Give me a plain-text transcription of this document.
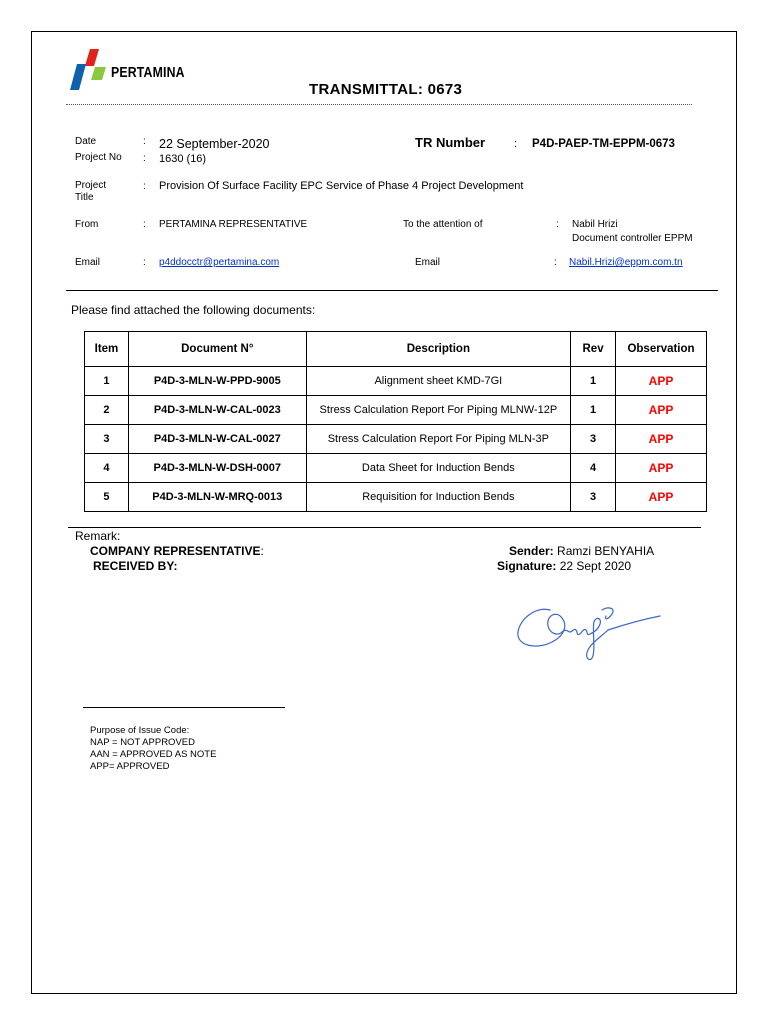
PERTAMINA
TRANSMITTAL: 0673
Date	: 22 September-2020
Project No : 1630 (16)
TR Number	: P4D-PAEP-TM-EPPM-0673
Project
Title
: Provision Of Surface Facility EPC Service of Phase 4 Project Development
From	: PERTAMINA REPRESENTATIVE	To the attention of	: Nabil Hrizi
Document controller EPPM
Email	: p4ddocctr@pertamina.com	Email	: Nabil.Hrizi@eppm.com.tn
Please find attached the following documents:
Item	Document N°	Description	Rev	Observation
1	P4D-3-MLN-W-PPD-9005	Alignment sheet KMD-7GI	1	APP
2	P4D-3-MLN-W-CAL-0023	Stress Calculation Report For Piping MLNW-12P	1	APP
3	P4D-3-MLN-W-CAL-0027	Stress Calculation Report For Piping MLN-3P	3	APP
4	P4D-3-MLN-W-DSH-0007	Data Sheet for Induction Bends	4	APP
5	P4D-3-MLN-W-MRQ-0013	Requisition for Induction Bends	3	APP
Remark:
COMPANY REPRESENTATIVE:
RECEIVED BY:
Sender: Ramzi BENYAHIA
Signature: 22 Sept 2020
Purpose of Issue Code:
NAP = NOT APPROVED
AAN = APPROVED AS NOTE
APP= APPROVED
